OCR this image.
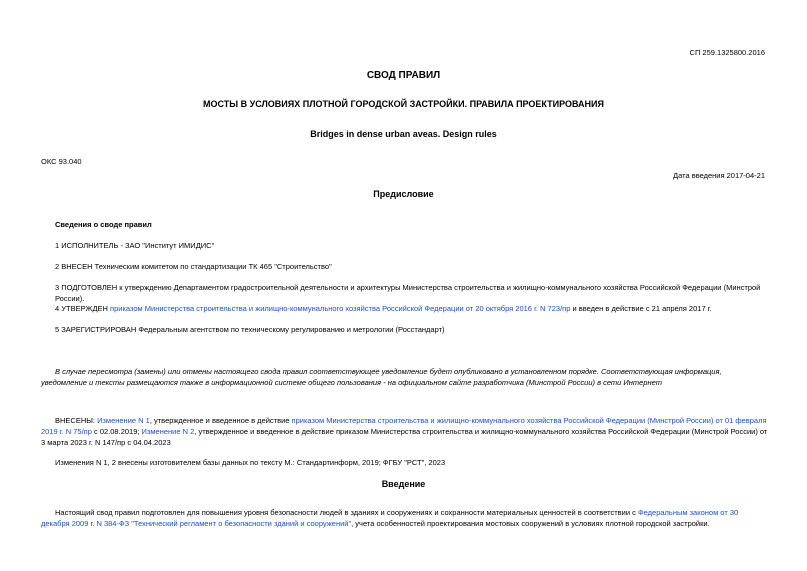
СП 259.1325800.2016
СВОД ПРАВИЛ
МОСТЫ В УСЛОВИЯХ ПЛОТНОЙ ГОРОДСКОЙ ЗАСТРОЙКИ. ПРАВИЛА ПРОЕКТИРОВАНИЯ
Bridges in dense urban aveas. Design rules
ОКС 93.040
Дата введения 2017-04-21
Предисловие
Сведения о своде правил
1 ИСПОЛНИТЕЛЬ - ЗАО "Институт ИМИДИС"
2 ВНЕСЕН Техническим комитетом по стандартизации ТК 465 "Строительство"
3 ПОДГОТОВЛЕН к утверждению Департаментом градостроительной деятельности и архитектуры Министерства строительства и жилищно-коммунального хозяйства Российской Федерации (Минстрой России).
4 УТВЕРЖДЕН приказом Министерства строительства и жилищно-коммунального хозяйства Российской Федерации от 20 октября 2016 г. N 723/пр и введен в действие с 21 апреля 2017 г.
5 ЗАРЕГИСТРИРОВАН Федеральным агентством по техническому регулированию и метрологии (Росстандарт)
В случае пересмотра (замены) или отмены настоящего свода правил соответствующее уведомление будет опубликовано в установленном порядке. Соответствующая информация, уведомление и тексты размещаются также в информационной системе общего пользования - на официальном сайте разработчика (Минстрой России) в сети Интернет
ВНЕСЕНЫ: Изменение N 1, утвержденное и введенное в действие приказом Министерства строительства и жилищно-коммунального хозяйства Российской Федерации (Минстрой России) от 01 февраля 2019 г. N 75/пр с 02.08.2019; Изменение N 2, утвержденное и введенное в действие приказом Министерства строительства и жилищно-коммунального хозяйства Российской Федерации (Минстрой России) от 3 марта 2023 г. N 147/пр с 04.04.2023
Изменения N 1, 2 внесены изготовителем базы данных по тексту М.: Стандартинформ, 2019; ФГБУ "РСТ", 2023
Введение
Настоящий свод правил подготовлен для повышения уровня безопасности людей в зданиях и сооружениях и сохранности материальных ценностей в соответствии с Федеральным законом от 30 декабря 2009 г. N 384-ФЗ "Технический регламент о безопасности зданий и сооружений", учета особенностей проектирования мостовых сооружений в условиях плотной городской застройки.
